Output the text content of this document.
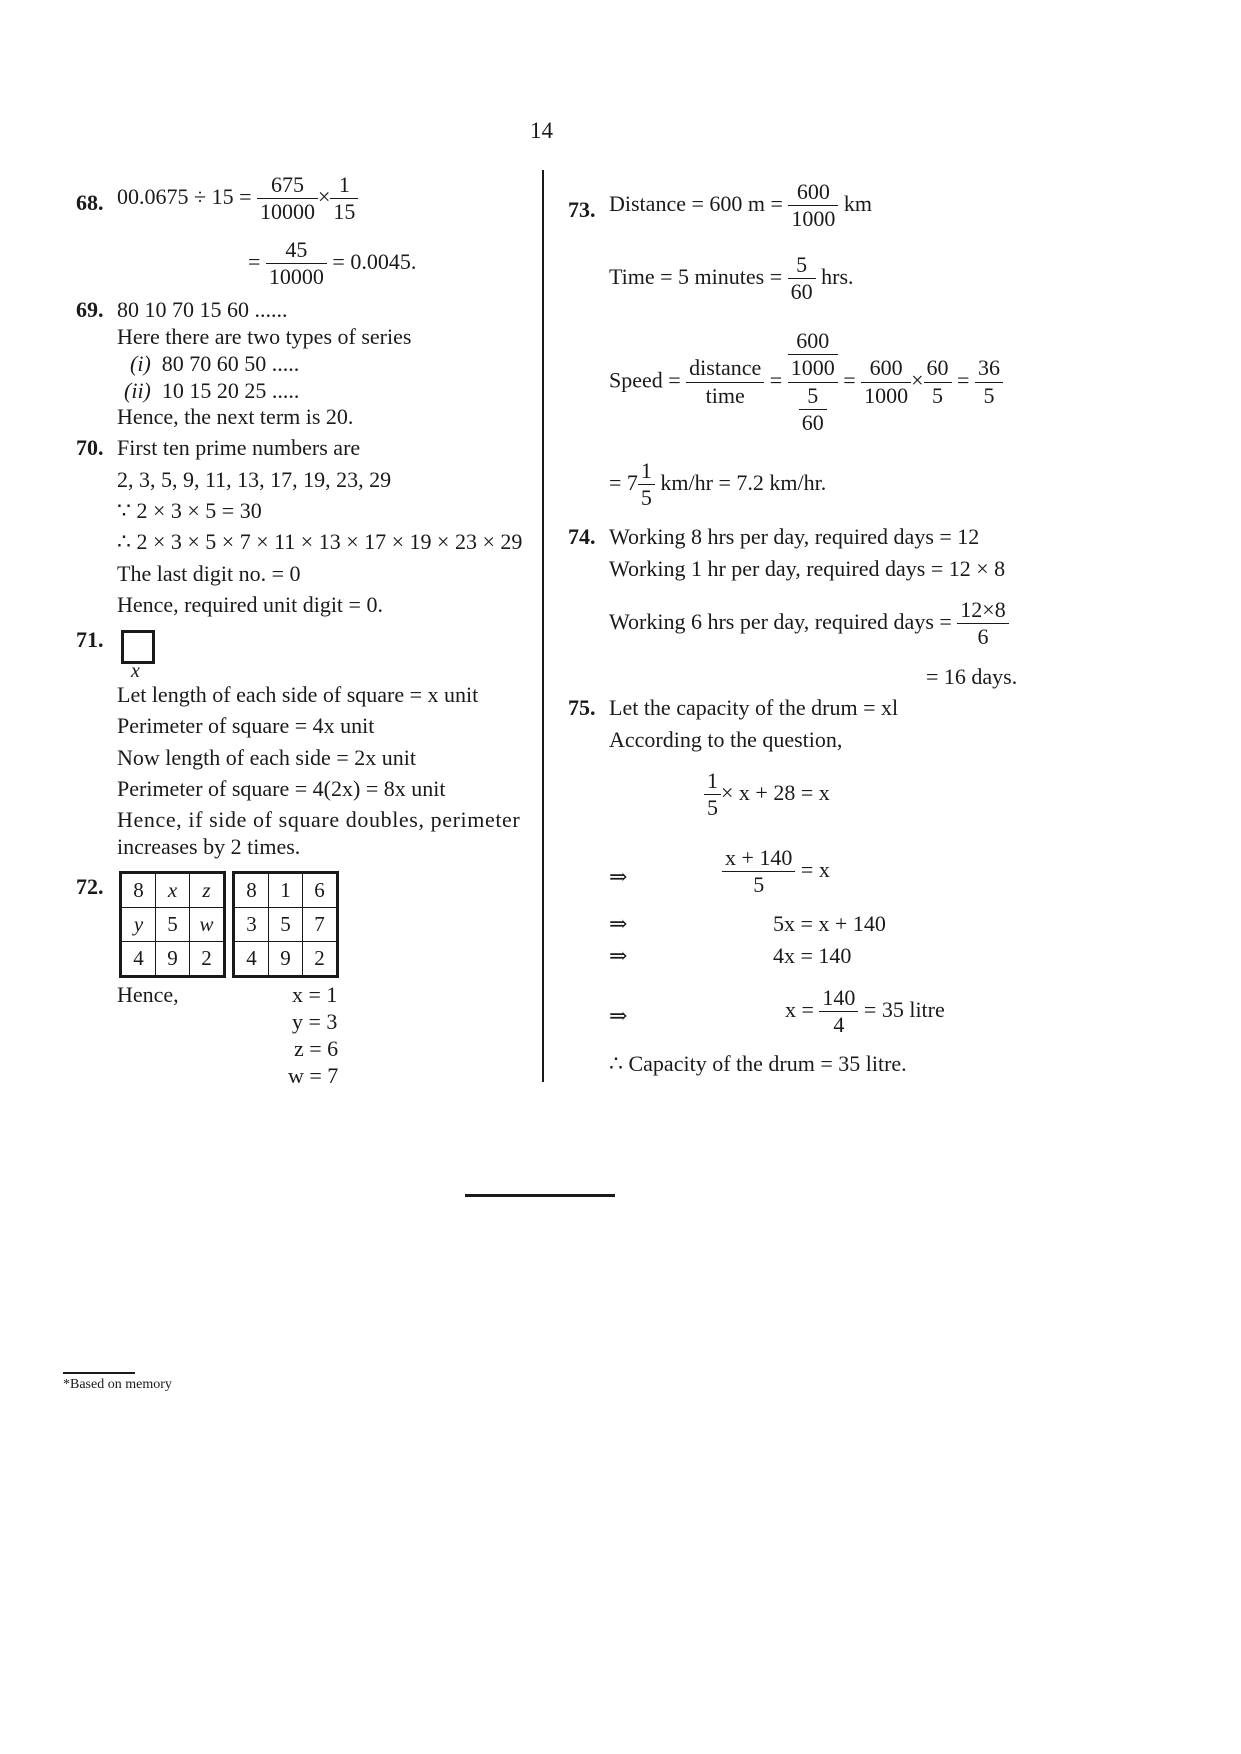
14
68. $00.0675 \div 15 = \frac{675}{10000} \times \frac{1}{15}$
= $\frac{45}{10000} = 0.0045$.
69. 80 10 70 15 60 ......
Here there are two types of series
(i) 80 70 60 50 .....
(ii) 10 15 20 25 .....
Hence, the next term is 20.
70. First ten prime numbers are
2, 3, 5, 9, 11, 13, 17, 19, 23, 29
∵ 2 × 3 × 5 = 30
∴ 2 × 3 × 5 × 7 × 11 × 13 × 17 × 19 × 23 × 29
The last digit no. = 0
Hence, required unit digit = 0.
71.
x
Let length of each side of square = x unit
Perimeter of square = 4x unit
Now length of each side = 2x unit
Perimeter of square = 4(2x) = 8x unit
Hence, if side of square doubles, perimeter
increases by 2 times.
72. 8	x	z
y	5	w
4	9	2
8	1	6
3	5	7
4	9	2
Hence,	x = 1
y = 3
z = 6
w = 7
73. Distance = 600 $m = \frac{600}{1000}$ km
Time = 5 minutes = $\frac{5}{60}$ hrs.
Speed = $\frac{\text{distance}}{\text{time}} = \frac{\frac{600}{1000}}{\frac{5}{60}} = \frac{600}{1000} \times \frac{60}{5} = \frac{36}{5}$
= $7 \frac{1}{5} km/hr = 7.2$ km/hr.
74. Working 8 hrs per day, required days = 12
Working 1 hr per day, required days = 12 × 8
Working 6 hrs per day, required days = $\frac{12\times 8}{6}$
= 16 days.
75. Let the capacity of the drum = xl
According to the question,
$\frac{1}{5} \times x + 28 = x$
⇒	$\frac{x + 140}{5} = x$
⇒	5x = x + 140
⇒	4x = 140
⇒	$x = \frac{140}{4} = 35$ litre
∴ Capacity of the drum = 35 litre.
*Based on memory
